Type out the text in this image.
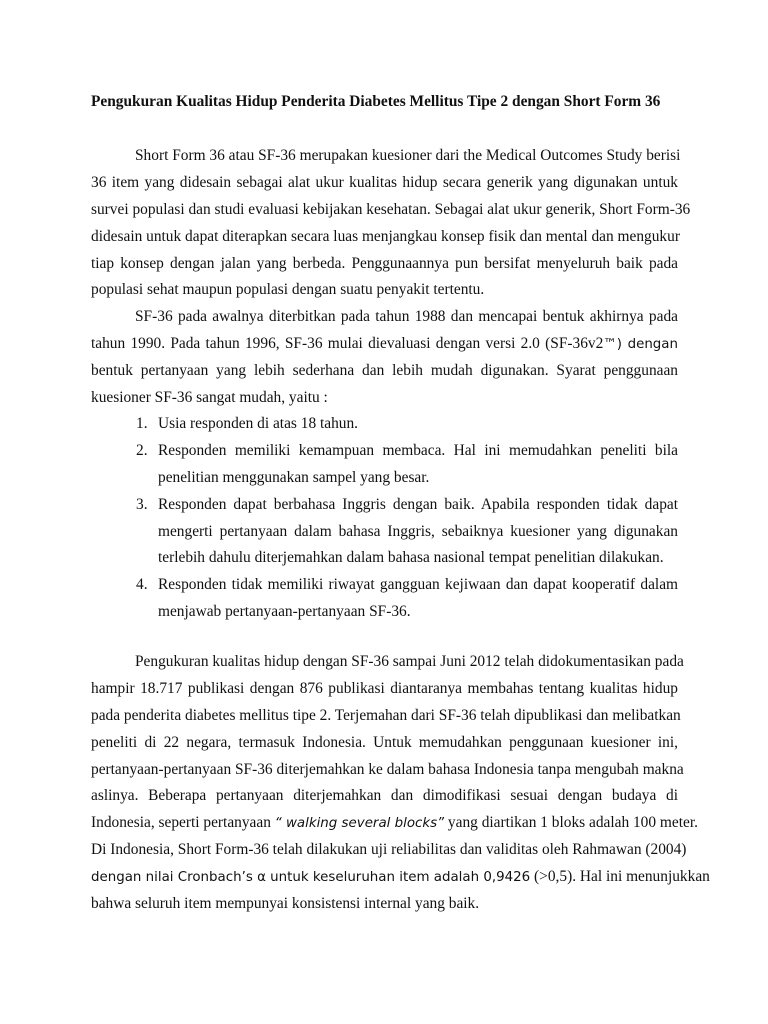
Pengukuran Kualitas Hidup Penderita Diabetes Mellitus Tipe 2 dengan Short Form 36
Short Form 36 atau SF-36 merupakan kuesioner dari the Medical Outcomes Study berisi
36 item yang didesain sebagai alat ukur kualitas hidup secara generik yang digunakan untuk
survei populasi dan studi evaluasi kebijakan kesehatan. Sebagai alat ukur generik, Short Form-36
didesain untuk dapat diterapkan secara luas menjangkau konsep fisik dan mental dan mengukur
tiap konsep dengan jalan yang berbeda. Penggunaannya pun bersifat menyeluruh baik pada
populasi sehat maupun populasi dengan suatu penyakit tertentu.
SF-36 pada awalnya diterbitkan pada tahun 1988 dan mencapai bentuk akhirnya pada
tahun 1990. Pada tahun 1996, SF-36 mulai dievaluasi dengan versi 2.0 (SF-36v2™) dengan
bentuk pertanyaan yang lebih sederhana dan lebih mudah digunakan. Syarat penggunaan
kuesioner SF-36 sangat mudah, yaitu :
1. Usia responden di atas 18 tahun.
2. Responden memiliki kemampuan membaca. Hal ini memudahkan peneliti bila
penelitian menggunakan sampel yang besar.
3. Responden dapat berbahasa Inggris dengan baik. Apabila responden tidak dapat
mengerti pertanyaan dalam bahasa Inggris, sebaiknya kuesioner yang digunakan
terlebih dahulu diterjemahkan dalam bahasa nasional tempat penelitian dilakukan.
4. Responden tidak memiliki riwayat gangguan kejiwaan dan dapat kooperatif dalam
menjawab pertanyaan-pertanyaan SF-36.
Pengukuran kualitas hidup dengan SF-36 sampai Juni 2012 telah didokumentasikan pada
hampir 18.717 publikasi dengan 876 publikasi diantaranya membahas tentang kualitas hidup
pada penderita diabetes mellitus tipe 2. Terjemahan dari SF-36 telah dipublikasi dan melibatkan
peneliti di 22 negara, termasuk Indonesia. Untuk memudahkan penggunaan kuesioner ini,
pertanyaan-pertanyaan SF-36 diterjemahkan ke dalam bahasa Indonesia tanpa mengubah makna
aslinya. Beberapa pertanyaan diterjemahkan dan dimodifikasi sesuai dengan budaya di
Indonesia, seperti pertanyaan “ walking several blocks” yang diartikan 1 bloks adalah 100 meter.
Di Indonesia, Short Form-36 telah dilakukan uji reliabilitas dan validitas oleh Rahmawan (2004)
dengan nilai Cronbach’s α untuk keseluruhan item adalah 0,9426 (>0,5). Hal ini menunjukkan
bahwa seluruh item mempunyai konsistensi internal yang baik.
